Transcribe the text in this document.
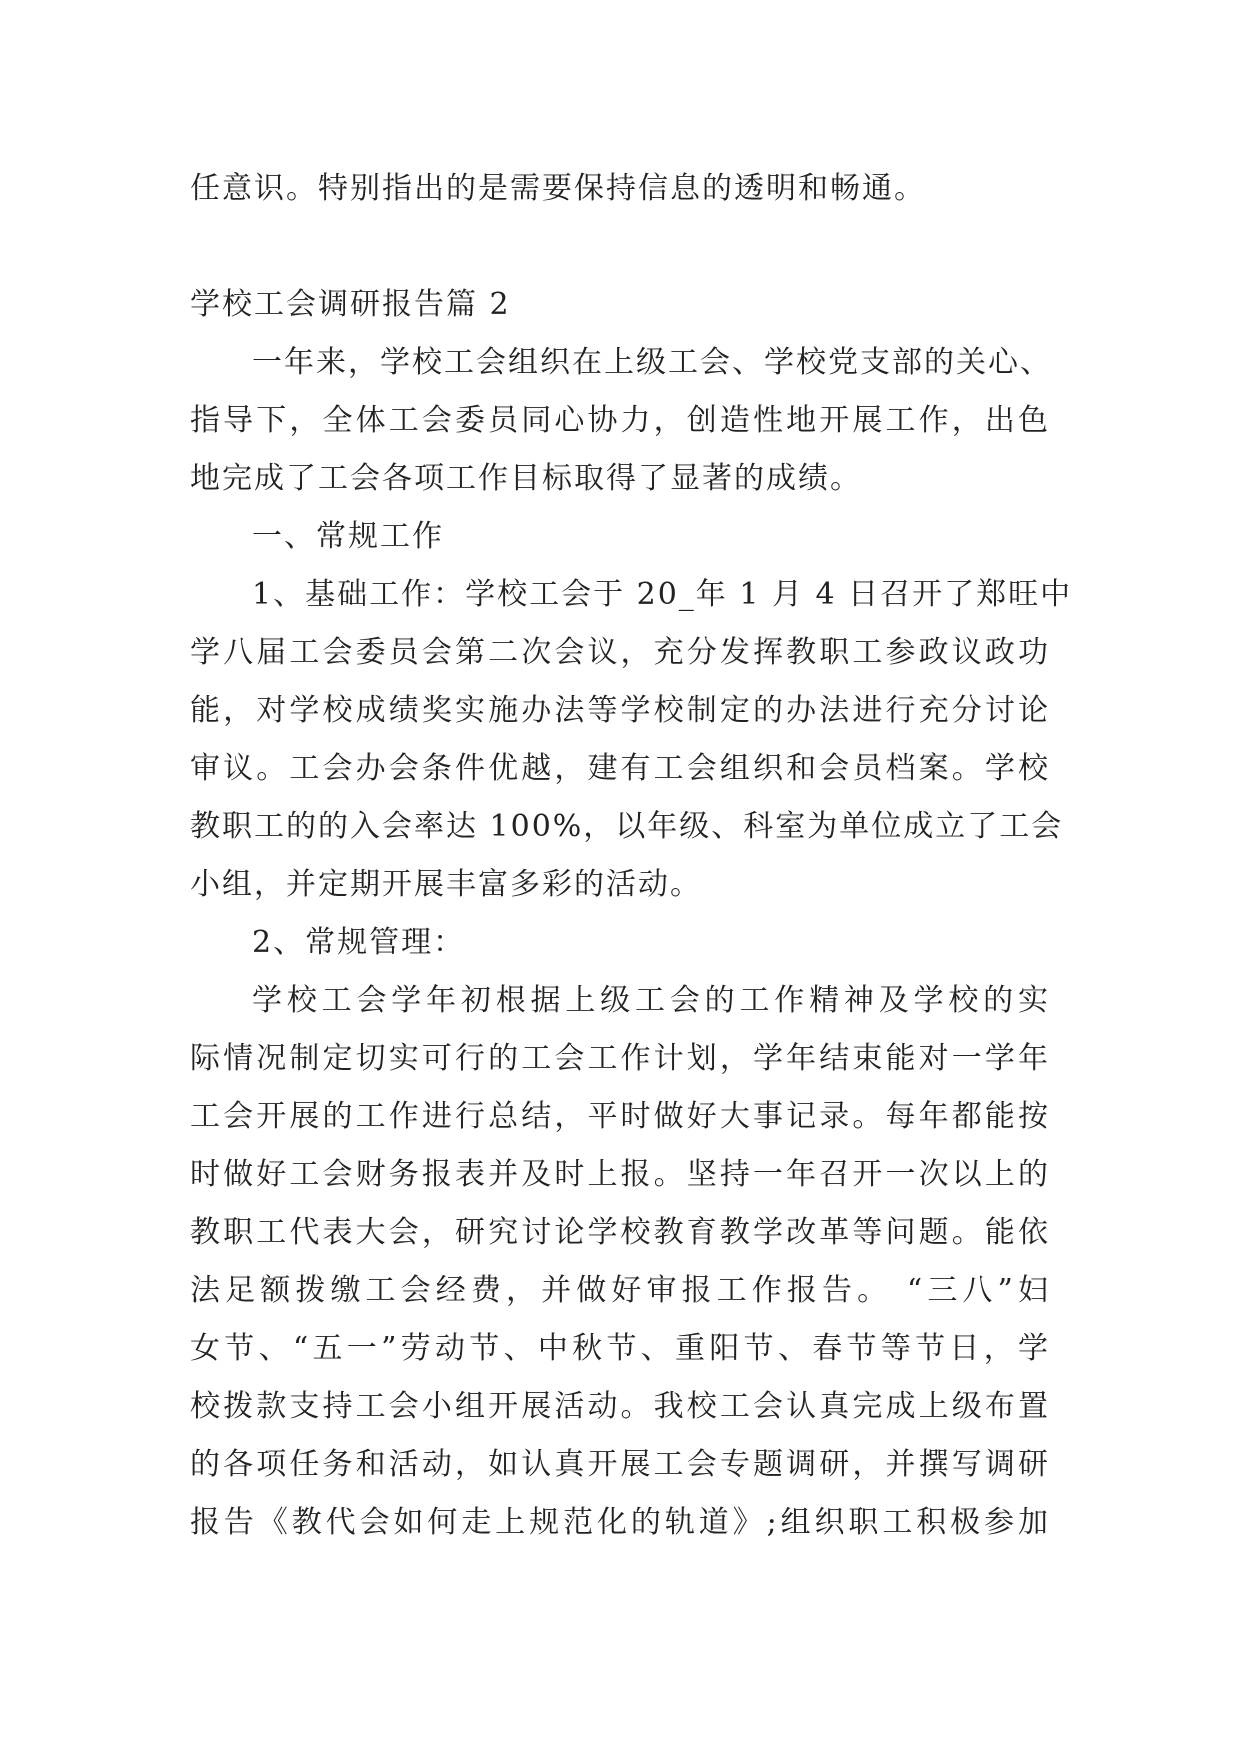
任意识。特别指出的是需要保持信息的透明和畅通。

学校工会调研报告篇 2

一年来，学校工会组织在上级工会、学校党支部的关心、

指导下，全体工会委员同心协力，创造性地开展工作，出色

地完成了工会各项工作目标取得了显著的成绩。

一、常规工作

1、基础工作：学校工会于 20_年 1 月 4 日召开了郑旺中

学八届工会委员会第二次会议，充分发挥教职工参政议政功

能，对学校成绩奖实施办法等学校制定的办法进行充分讨论

审议。工会办会条件优越，建有工会组织和会员档案。学校

教职工的的入会率达 100%，以年级、科室为单位成立了工会

小组，并定期开展丰富多彩的活动。

2、常规管理：

学校工会学年初根据上级工会的工作精神及学校的实

际情况制定切实可行的工会工作计划，学年结束能对一学年

工会开展的工作进行总结，平时做好大事记录。每年都能按

时做好工会财务报表并及时上报。坚持一年召开一次以上的

教职工代表大会，研究讨论学校教育教学改革等问题。能依

法足额拨缴工会经费，并做好审报工作报告。 “三八”妇

女节、“五一”劳动节、中秋节、重阳节、春节等节日，学

校拨款支持工会小组开展活动。我校工会认真完成上级布置

的各项任务和活动，如认真开展工会专题调研，并撰写调研

报告《教代会如何走上规范化的轨道》;组织职工积极参加
